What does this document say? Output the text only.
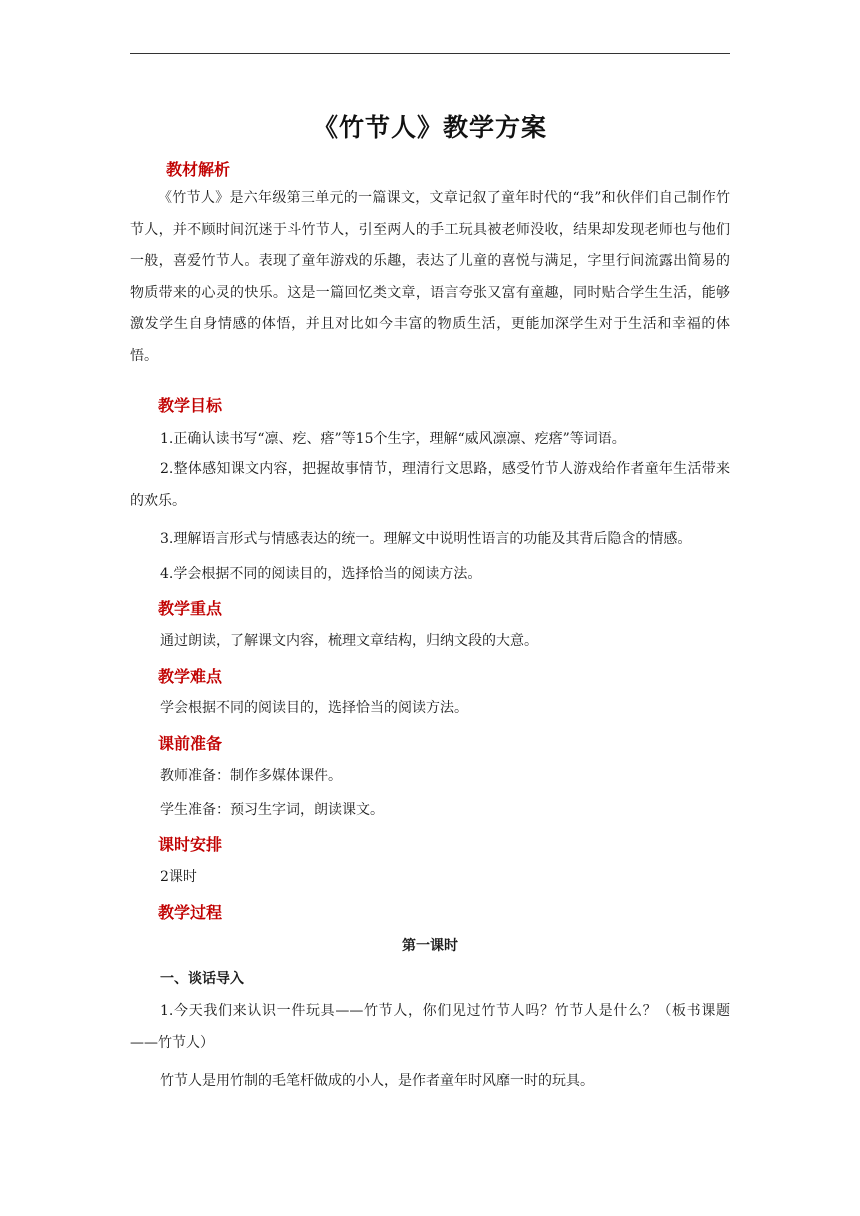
《竹节人》教学方案
教材解析

《竹节人》是六年级第三单元的一篇课文，文章记叙了童年时代的“我”和伙伴们自己制作竹节人，并不顾时间沉迷于斗竹节人，引至两人的手工玩具被老师没收，结果却发现老师也与他们一般，喜爱竹节人。表现了童年游戏的乐趣，表达了儿童的喜悦与满足，字里行间流露出简易的物质带来的心灵的快乐。这是一篇回忆类文章，语言夸张又富有童趣，同时贴合学生生活，能够激发学生自身情感的体悟，并且对比如今丰富的物质生活，更能加深学生对于生活和幸福的体悟。

教学目标

1.正确认读书写“凛、疙、瘩”等15个生字，理解“威风凛凛、疙瘩”等词语。

2.整体感知课文内容，把握故事情节，理清行文思路，感受竹节人游戏给作者童年生活带来的欢乐。

3.理解语言形式与情感表达的统一。理解文中说明性语言的功能及其背后隐含的情感。

4.学会根据不同的阅读目的，选择恰当的阅读方法。

教学重点

通过朗读，了解课文内容，梳理文章结构，归纳文段的大意。

教学难点

学会根据不同的阅读目的，选择恰当的阅读方法。

课前准备

教师准备：制作多媒体课件。

学生准备：预习生字词，朗读课文。

课时安排

2课时

教学过程
第一课时
一、谈话导入

1.今天我们来认识一件玩具——竹节人，你们见过竹节人吗？竹节人是什么？（板书课题——竹节人）

竹节人是用竹制的毛笔杆做成的小人，是作者童年时风靡一时的玩具。
